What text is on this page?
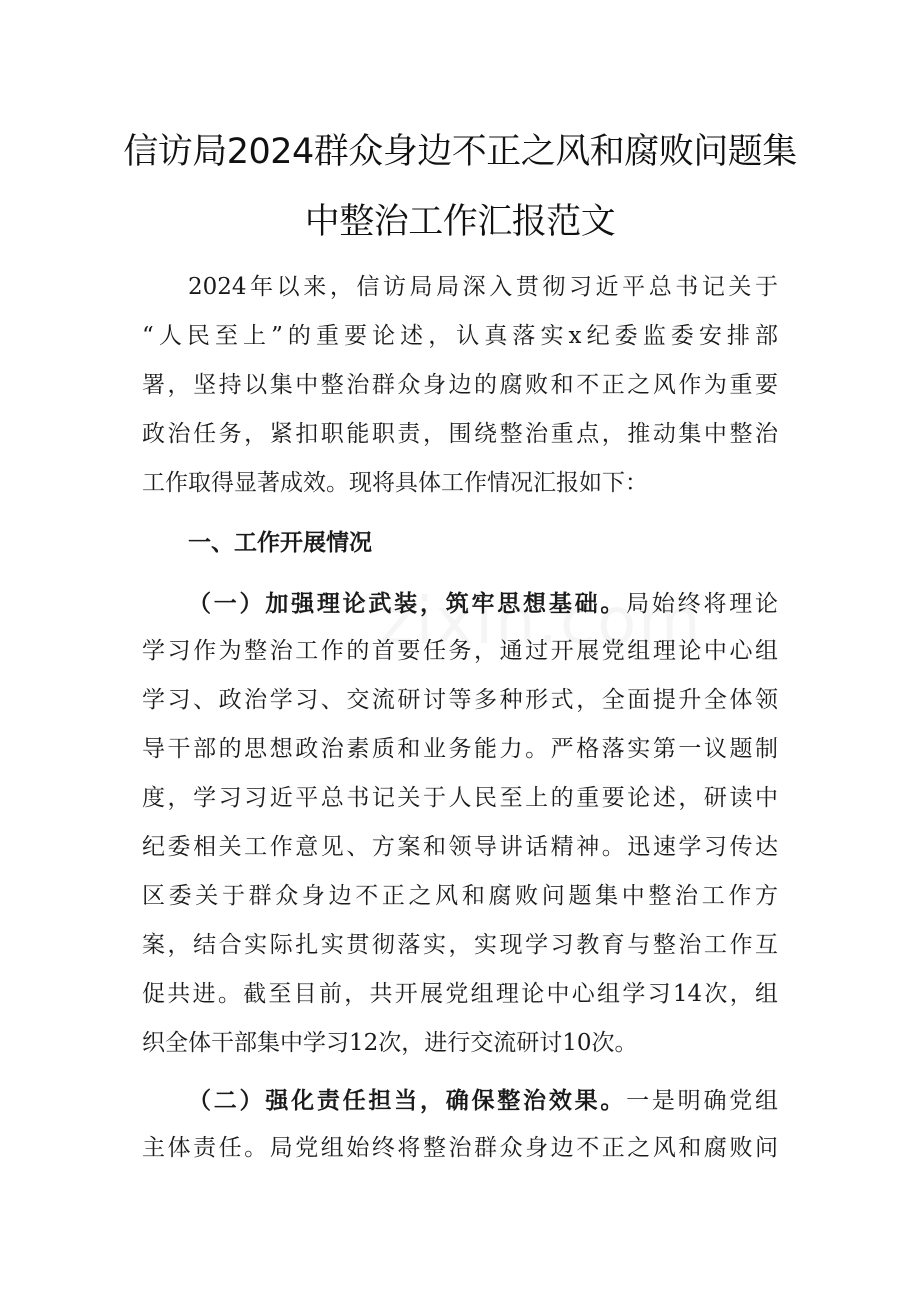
信访局2024群众身边不正之风和腐败问题集
中整治工作汇报范文
2024年以来，信访局局深入贯彻习近平总书记关于
“人民至上”的重要论述，认真落实x纪委监委安排部
署，坚持以集中整治群众身边的腐败和不正之风作为重要
政治任务，紧扣职能职责，围绕整治重点，推动集中整治
工作取得显著成效。现将具体工作情况汇报如下：
一、工作开展情况
（一）加强理论武装，筑牢思想基础。局始终将理论
学习作为整治工作的首要任务，通过开展党组理论中心组
学习、政治学习、交流研讨等多种形式，全面提升全体领
导干部的思想政治素质和业务能力。严格落实第一议题制
度，学习习近平总书记关于人民至上的重要论述，研读中
纪委相关工作意见、方案和领导讲话精神。迅速学习传达
区委关于群众身边不正之风和腐败问题集中整治工作方
案，结合实际扎实贯彻落实，实现学习教育与整治工作互
促共进。截至目前，共开展党组理论中心组学习14次，组
织全体干部集中学习12次，进行交流研讨10次。
（二）强化责任担当，确保整治效果。一是明确党组
主体责任。局党组始终将整治群众身边不正之风和腐败问
